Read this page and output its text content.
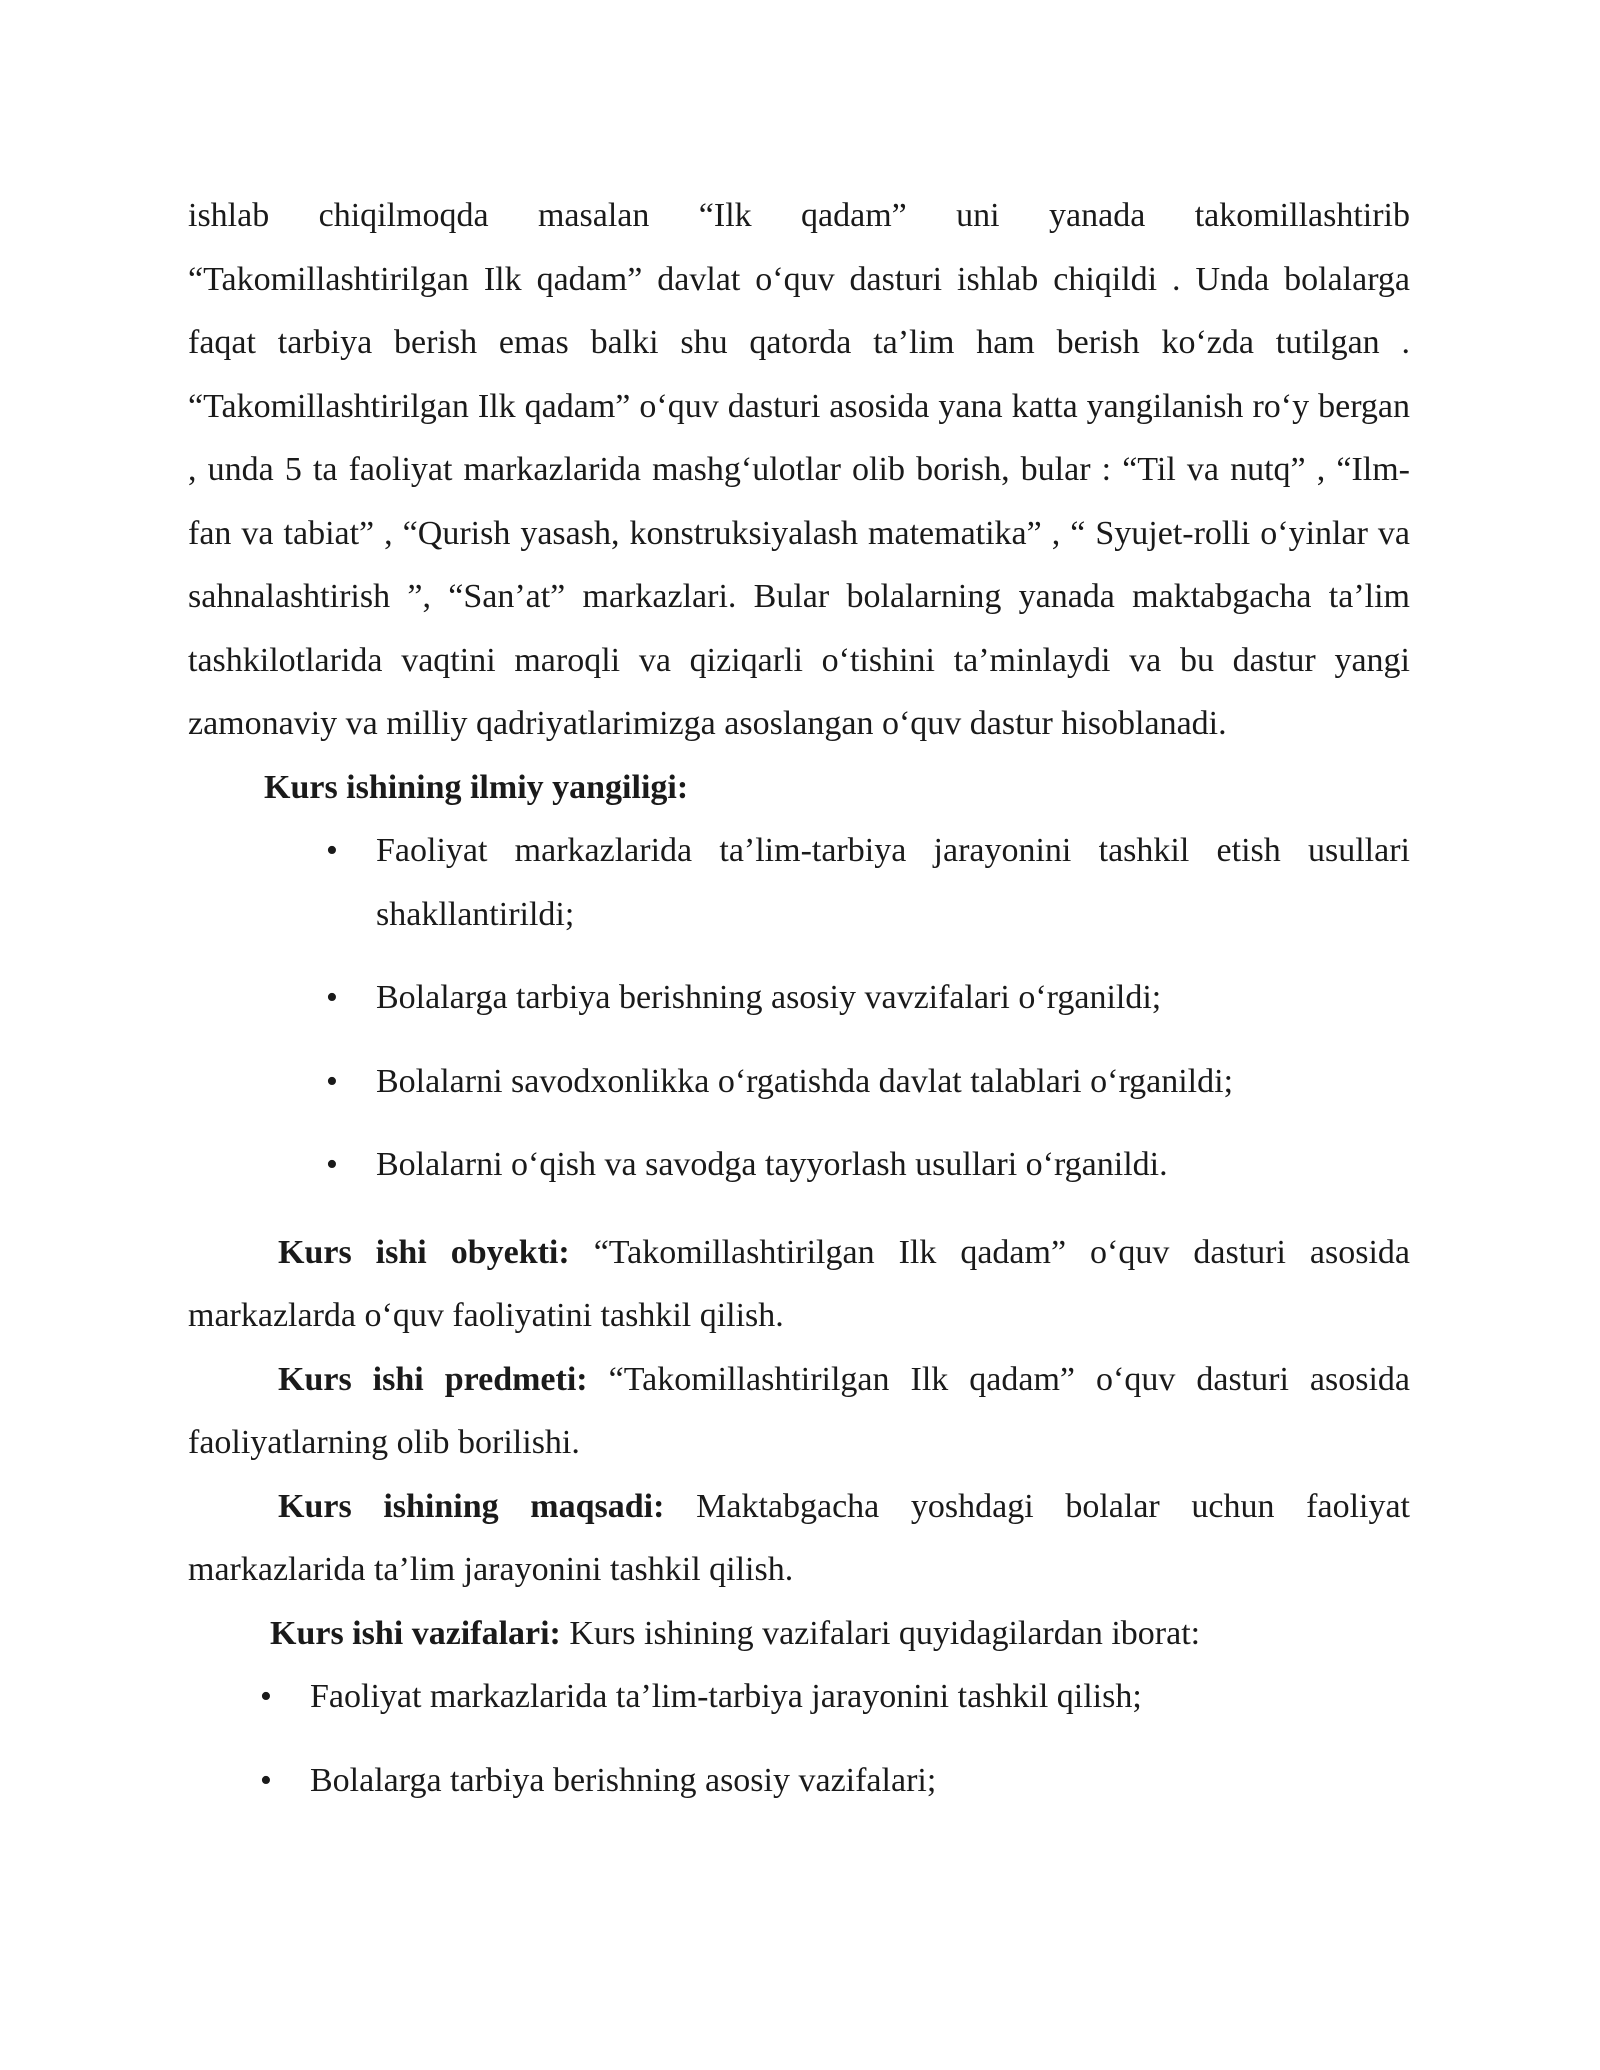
ishlab chiqilmoqda masalan “Ilk qadam” uni yanada takomillashtirib “Takomillashtirilgan Ilk qadam” davlat o‘quv dasturi ishlab chiqildi . Unda bolalarga faqat tarbiya berish emas balki shu qatorda ta’lim ham berish ko‘zda tutilgan . “Takomillashtirilgan Ilk qadam” o‘quv dasturi asosida yana katta yangilanish ro‘y bergan , unda 5 ta faoliyat markazlarida mashg‘ulotlar olib borish, bular : “Til va nutq” , “Ilm-fan va tabiat” , “Qurish yasash, konstruksiyalash matematika” , “ Syujet-rolli o‘yinlar va sahnalashtirish ”, “San’at” markazlari. Bular bolalarning yanada maktabgacha ta’lim tashkilotlarida vaqtini maroqli va qiziqarli o‘tishini ta’minlaydi va bu dastur yangi zamonaviy va milliy qadriyatlarimizga asoslangan o‘quv dastur hisoblanadi.

Kurs ishining ilmiy yangiligi:

• Faoliyat markazlarida ta’lim-tarbiya jarayonini tashkil etish usullari shakllantirildi;
• Bolalarga tarbiya berishning asosiy vavzifalari o‘rganildi;
• Bolalarni savodxonlikka o‘rgatishda davlat talablari o‘rganildi;
• Bolalarni o‘qish va savodga tayyorlash usullari o‘rganildi.

Kurs ishi obyekti: “Takomillashtirilgan Ilk qadam” o‘quv dasturi asosida markazlarda o‘quv faoliyatini tashkil qilish.

Kurs ishi predmeti: “Takomillashtirilgan Ilk qadam” o‘quv dasturi asosida faoliyatlarning olib borilishi.

Kurs ishining maqsadi: Maktabgacha yoshdagi bolalar uchun faoliyat markazlarida ta’lim jarayonini tashkil qilish.

Kurs ishi vazifalari: Kurs ishining vazifalari quyidagilardan iborat:

• Faoliyat markazlarida ta’lim-tarbiya jarayonini tashkil qilish;
• Bolalarga tarbiya berishning asosiy vazifalari;
